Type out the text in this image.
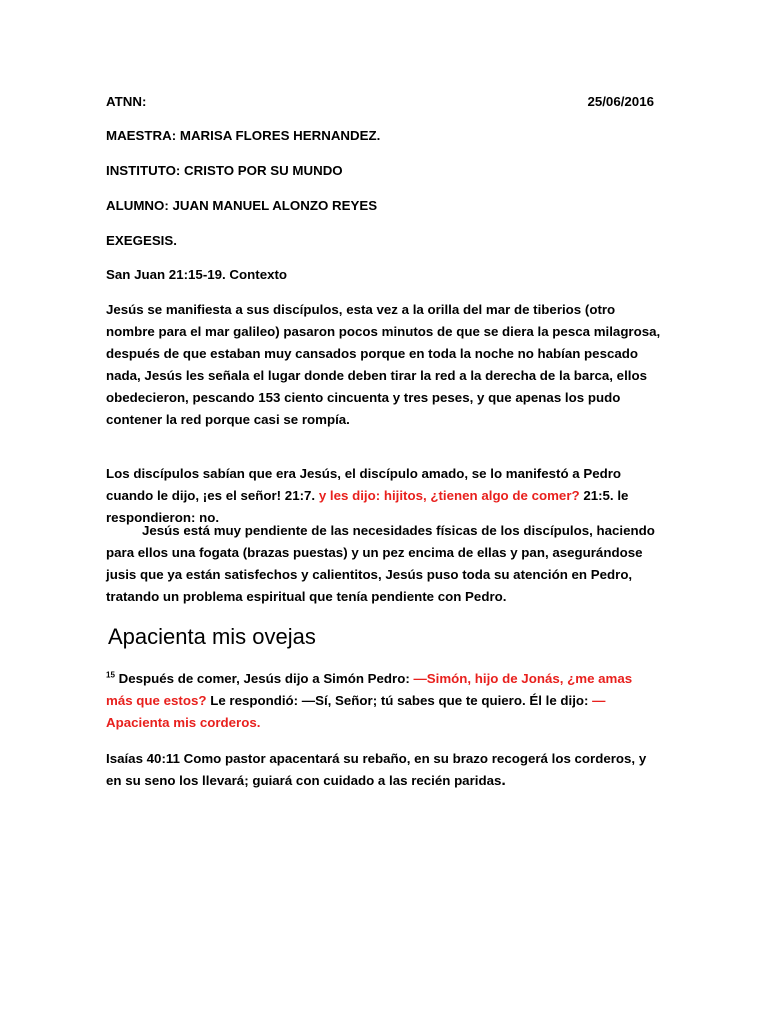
ATNN:	25/06/2016
MAESTRA: MARISA FLORES HERNANDEZ.
INSTITUTO: CRISTO POR SU MUNDO
ALUMNO: JUAN MANUEL ALONZO REYES
EXEGESIS.
San Juan 21:15-19. Contexto
Jesús se manifiesta a sus discípulos, esta vez a la orilla del mar de tiberios (otro nombre para el mar galileo) pasaron pocos minutos de que se diera la pesca milagrosa, después de que estaban muy cansados porque en toda la noche no habían pescado nada, Jesús les señala el lugar donde deben tirar la red a la derecha de la barca, ellos obedecieron, pescando 153 ciento cincuenta y tres peses, y que apenas los pudo contener la red porque casi se rompía.
Los discípulos sabían que era Jesús, el discípulo amado, se lo manifestó a Pedro cuando le dijo, ¡es el señor! 21:7. y les dijo: hijitos, ¿tienen algo de comer? 21:5. le respondieron: no.
Jesús está muy pendiente de las necesidades físicas de los discípulos, haciendo para ellos una fogata (brazas puestas) y un pez encima de ellas y pan, asegurándose jusis que ya están satisfechos y calientitos, Jesús puso toda su atención en Pedro, tratando un problema espiritual que tenía pendiente con Pedro.
Apacienta mis ovejas
$^{15}$ Después de comer, Jesús dijo a Simón Pedro: —Simón, hijo de Jonás, ¿me amas más que estos? Le respondió: —Sí, Señor; tú sabes que te quiero. Él le dijo: —Apacienta mis corderos.
Isaías 40:11 Como pastor apacentará su rebaño, en su brazo recogerá los corderos, y en su seno los llevará; guiará con cuidado a las recién paridas.
